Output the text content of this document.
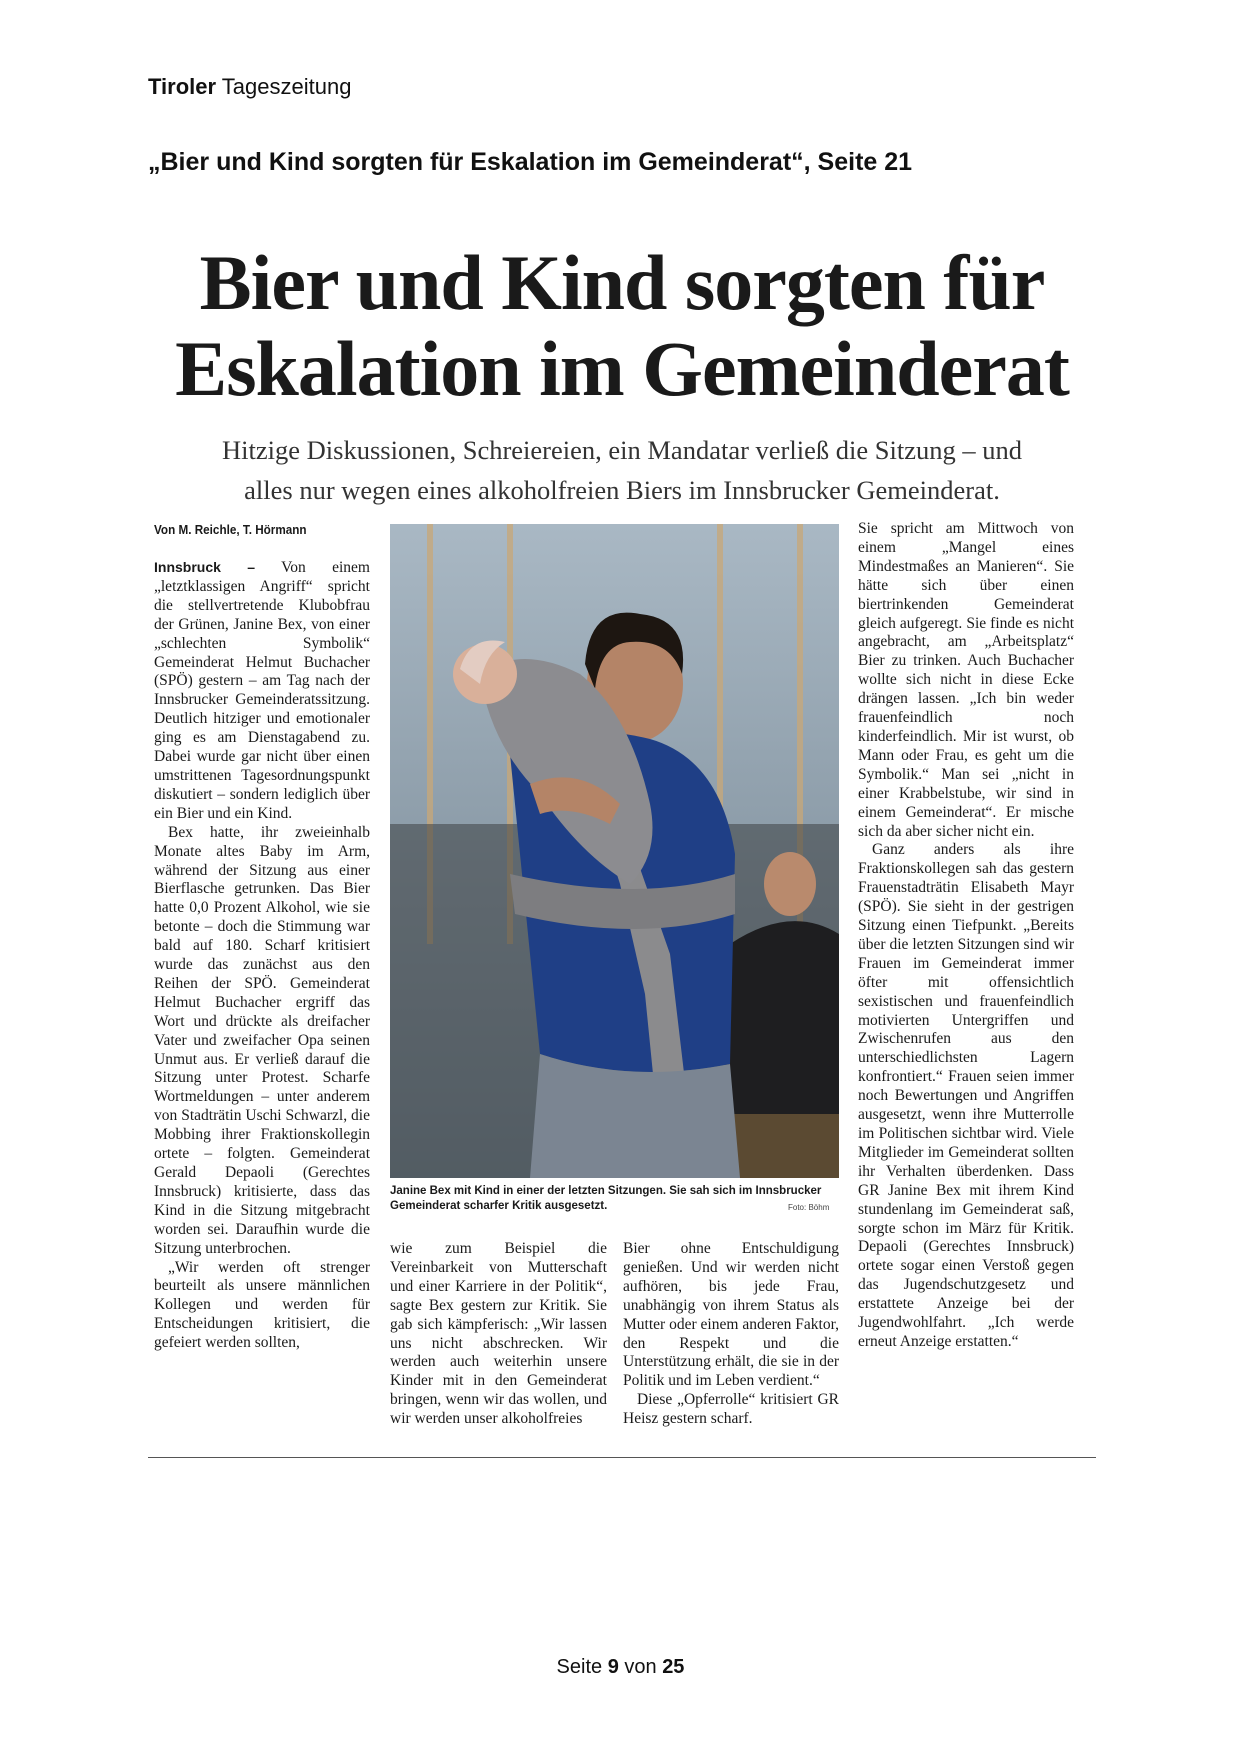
Tiroler Tageszeitung
„Bier und Kind sorgten für Eskalation im Gemeinderat“, Seite 21
Bier und Kind sorgten für
Eskalation im Gemeinderat
Hitzige Diskussionen, Schreiereien, ein Mandatar verließ die Sitzung – und
alles nur wegen eines alkoholfreien Biers im Innsbrucker Gemeinderat.
Von M. Reichle, T. Hörmann

Innsbruck – Von einem „letztklassigen Angriff“ spricht die stellvertretende Klubobfrau der Grünen, Janine Bex, von einer „schlechten Symbolik“ Gemeinderat Helmut Buchacher (SPÖ) gestern – am Tag nach der Innsbrucker Gemeinderatssitzung. Deutlich hitziger und emotionaler ging es am Dienstagabend zu. Dabei wurde gar nicht über einen umstrittenen Tagesordnungspunkt diskutiert – sondern lediglich über ein Bier und ein Kind.

Bex hatte, ihr zweieinhalb Monate altes Baby im Arm, während der Sitzung aus einer Bierflasche getrunken. Das Bier hatte 0,0 Prozent Alkohol, wie sie betonte – doch die Stimmung war bald auf 180. Scharf kritisiert wurde das zunächst aus den Reihen der SPÖ. Gemeinderat Helmut Buchacher ergriff das Wort und drückte als dreifacher Vater und zweifacher Opa seinen Unmut aus. Er verließ darauf die Sitzung unter Protest. Scharfe Wortmeldungen – unter anderem von Stadträtin Uschi Schwarzl, die Mobbing ihrer Fraktionskollegin ortete – folgten. Gemeinderat Gerald Depaoli (Gerechtes Innsbruck) kritisierte, dass das Kind in die Sitzung mitgebracht worden sei. Daraufhin wurde die Sitzung unterbrochen.

„Wir werden oft strenger beurteilt als unsere männlichen Kollegen und werden für Entscheidungen kritisiert, die gefeiert werden sollten,

Janine Bex mit Kind in einer der letzten Sitzungen. Sie sah sich im Innsbrucker Gemeinderat scharfer Kritik ausgesetzt.	Foto: Böhm

wie zum Beispiel die Vereinbarkeit von Mutterschaft und einer Karriere in der Politik“, sagte Bex gestern zur Kritik. Sie gab sich kämpferisch: „Wir lassen uns nicht abschrecken. Wir werden auch weiterhin unsere Kinder mit in den Gemeinderat bringen, wenn wir das wollen, und wir werden unser alkoholfreies

Bier ohne Entschuldigung genießen. Und wir werden nicht aufhören, bis jede Frau, unabhängig von ihrem Status als Mutter oder einem anderen Faktor, den Respekt und die Unterstützung erhält, die sie in der Politik und im Leben verdient.“

Diese „Opferrolle“ kritisiert GR Heisz gestern scharf.

Sie spricht am Mittwoch von einem „Mangel eines Mindestmaßes an Manieren“. Sie hätte sich über einen biertrinkenden Gemeinderat gleich aufgeregt. Sie finde es nicht angebracht, am „Arbeitsplatz“ Bier zu trinken. Auch Buchacher wollte sich nicht in diese Ecke drängen lassen. „Ich bin weder frauenfeindlich noch kinderfeindlich. Mir ist wurst, ob Mann oder Frau, es geht um die Symbolik.“ Man sei „nicht in einer Krabbelstube, wir sind in einem Gemeinderat“. Er mische sich da aber sicher nicht ein.

Ganz anders als ihre Fraktionskollegen sah das gestern Frauenstadträtin Elisabeth Mayr (SPÖ). Sie sieht in der gestrigen Sitzung einen Tiefpunkt. „Bereits über die letzten Sitzungen sind wir Frauen im Gemeinderat immer öfter mit offensichtlich sexistischen und frauenfeindlich motivierten Untergriffen und Zwischenrufen aus den unterschiedlichsten Lagern konfrontiert.“ Frauen seien immer noch Bewertungen und Angriffen ausgesetzt, wenn ihre Mutterrolle im Politischen sichtbar wird. Viele Mitglieder im Gemeinderat sollten ihr Verhalten überdenken. Dass GR Janine Bex mit ihrem Kind stundenlang im Gemeinderat saß, sorgte schon im März für Kritik. Depaoli (Gerechtes Innsbruck) ortete sogar einen Verstoß gegen das Jugendschutzgesetz und erstattete Anzeige bei der Jugendwohlfahrt. „Ich werde erneut Anzeige erstatten.“

Seite 9 von 25
